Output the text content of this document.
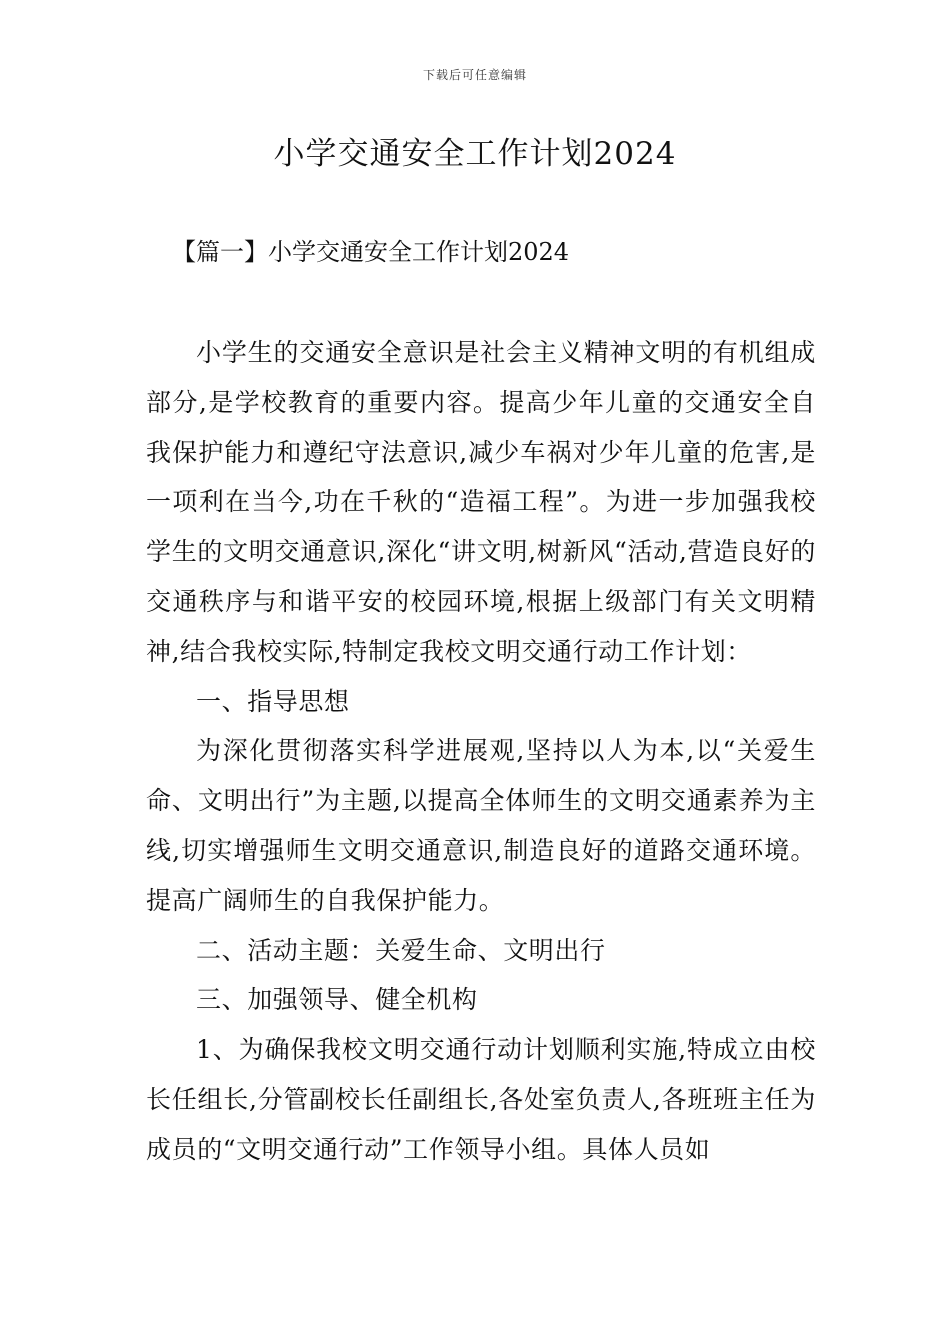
下载后可任意编辑
小学交通安全工作计划2024
【篇一】小学交通安全工作计划2024

小学生的交通安全意识是社会主义精神文明的有机组成部分,是学校教育的重要内容。提高少年儿童的交通安全自我保护能力和遵纪守法意识,减少车祸对少年儿童的危害,是一项利在当今,功在千秋的“造福工程”。为进一步加强我校学生的文明交通意识,深化“讲文明,树新风“活动,营造良好的交通秩序与和谐平安的校园环境,根据上级部门有关文明精神,结合我校实际,特制定我校文明交通行动工作计划：

一、指导思想

为深化贯彻落实科学进展观,坚持以人为本,以“关爱生命、文明出行”为主题,以提高全体师生的文明交通素养为主线,切实增强师生文明交通意识,制造良好的道路交通环境。提高广阔师生的自我保护能力。

二、活动主题：关爱生命、文明出行

三、加强领导、健全机构

1、为确保我校文明交通行动计划顺利实施,特成立由校长任组长,分管副校长任副组长,各处室负责人,各班班主任为成员的“文明交通行动”工作领导小组。具体人员如
